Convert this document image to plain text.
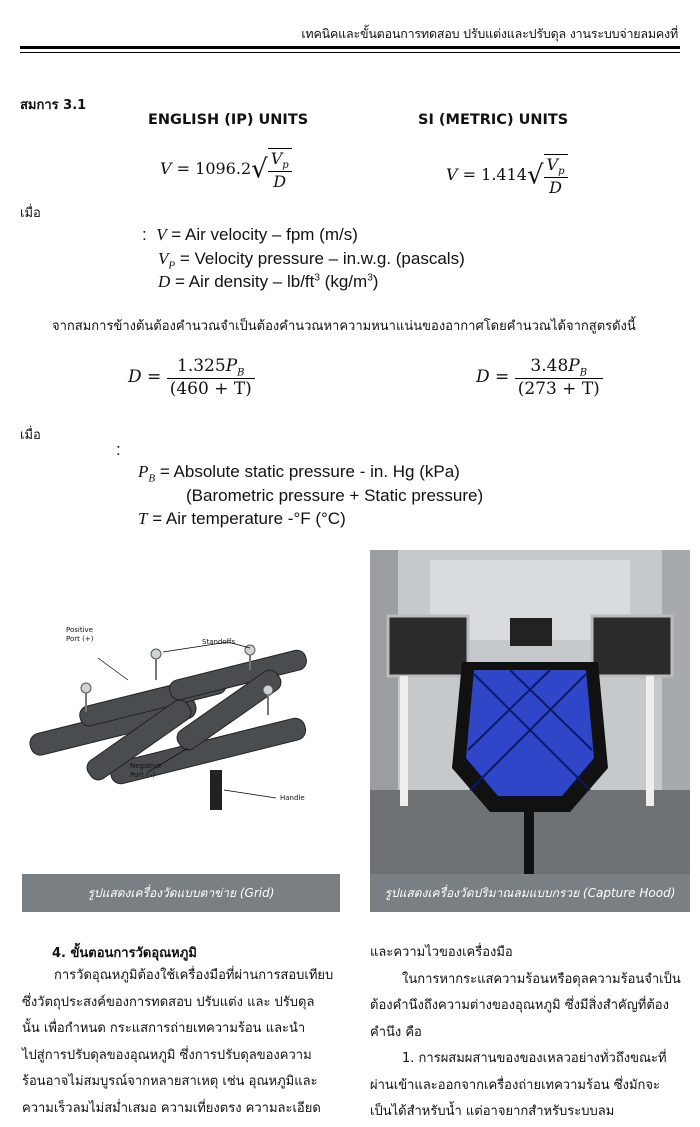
เทคนิคและขั้นตอนการทดสอบ ปรับแต่งและปรับดุล งานระบบจ่ายลมคงที่
สมการ 3.1
ENGLISH (IP) UNITS	SI (METRIC) UNITS
$V = 1096.2√ \frac{V_p}{D}$	$V = 1.414√ \frac{V_p}{D}$
เมื่อ
: V = Air velocity – fpm (m/s)
$V_P$ = Velocity pressure – in.w.g. (pascals)
D = Air density – $lb/ft^3$ $(kg/m^3)$
จากสมการข้างต้นต้องคำนวณจำเป็นต้องคำนวณหาความหนาแน่นของอากาศโดยคำนวณได้จากสูตรดังนี้
$D = \frac{1.325P_B}{(460 + T)}$	$D = \frac{3.48P_B}{(273 + T)}$
เมื่อ
:
$P_B$ = Absolute static pressure - in. Hg (kPa)
(Barometric pressure + Static pressure)
T = Air temperature -°F (°C)
Positive
Port (+)	Standoffs
Negative
Port (–)
Handle
รูปแสดงเครื่องวัดแบบตาข่าย (Grid)	รูปแสดงเครื่องวัดปริมาณลมแบบกรวย (Capture Hood)
4. ขั้นตอนการวัดอุณหภูมิ

การวัดอุณหภูมิต้องใช้เครื่องมือที่ผ่านการสอบเทียบ

ซึ่งวัตถุประสงค์ของการทดสอบ ปรับแต่ง และ ปรับดุล

นั้น เพื่อกำหนด กระแสการถ่ายเทความร้อน และนำ

ไปสู่การปรับดุลของอุณหภูมิ ซึ่งการปรับดุลของความ

ร้อนอาจไม่สมบูรณ์จากหลายสาเหตุ เช่น อุณหภูมิและ

ความเร็วลมไม่สม่ำเสมอ ความเที่ยงตรง ความละเอียด

และความไวของเครื่องมือ

ในการหากระแสความร้อนหรือดุลความร้อนจำเป็น

ต้องคำนึงถึงความต่างของอุณหภูมิ ซึ่งมีสิ่งสำคัญที่ต้อง

คำนึง คือ

1. การผสมผสานของของเหลวอย่างทั่วถึงขณะที่

ผ่านเข้าและออกจากเครื่องถ่ายเทความร้อน ซึ่งมักจะ

เป็นได้สำหรับน้ำ แต่อาจยากสำหรับระบบลม
